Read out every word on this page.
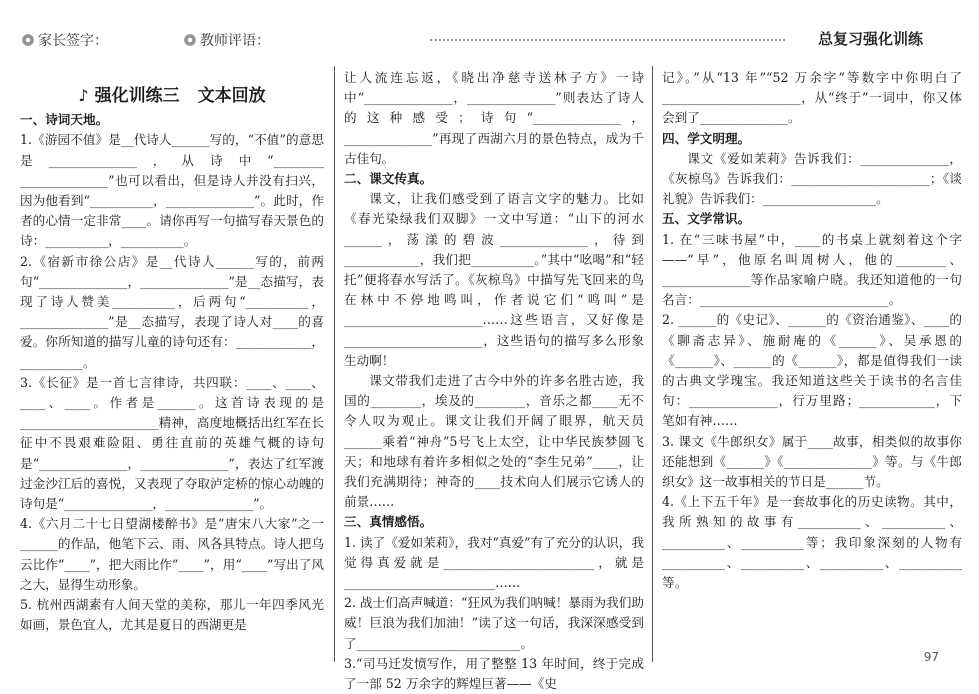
家长签字：	教师评语：	总复习强化训练
♪ 强化训练三 文本回放

一、诗词天地。

1.《游园不值》是__代诗人______写的，“不值”的意思是______________，从诗中“________ ______________”也可以看出，但是诗人并没有扫兴，因为他看到“__________，______________”。此时，作者的心情一定非常____。请你再写一句描写春天景色的诗：__________，__________。

2.《宿新市徐公店》是__代诗人______写的，前两句“______________，______________”是__态描写，表现了诗人赞美__________，后两句“__________，______________”是__态描写，表现了诗人对____的喜爱。你所知道的描写儿童的诗句还有：____________，__________。

3.《长征》是一首七言律诗，共四联：____、____、____、____。作者是______。这首诗表现的是______________________精神，高度地概括出红军在长征中不畏艰难险阻、勇往直前的英雄气概的诗句是“______________，______________”，表达了红军渡过金沙江后的喜悦，又表现了夺取泸定桥的惊心动魄的诗句是“______________，______________”。

4.《六月二十七日望湖楼醉书》是“唐宋八大家”之一______的作品，他笔下云、雨、风各具特点。诗人把乌云比作“____”，把大雨比作“____”，用“____”写出了风之大，显得生动形象。

5. 杭州西湖素有人间天堂的美称，那儿一年四季风光如画，景色宜人，尤其是夏日的西湖更是

让人流连忘返，《晓出净慈寺送林子方》一诗中“______________，______________”则表达了诗人的这种感受；诗句“______________，______________”再现了西湖六月的景色特点，成为千古佳句。

二、课文传真。

课文，让我们感受到了语言文字的魅力。比如《春光染绿我们双脚》一文中写道：“山下的河水______，荡漾的碧波______________，待到____________，我们把__________。”其中“吆喝”和“轻托”便将春水写活了。《灰椋鸟》中描写先飞回来的鸟在林中不停地鸣叫，作者说它们“鸣叫”是______________________……这些语言，又好像是______________________，这些语句的描写多么形象生动啊！

课文带我们走进了古今中外的许多名胜古迹，我国的________，埃及的________，音乐之都____无不令人叹为观止。课文让我们开阔了眼界，航天员______乘着“神舟”5号飞上太空，让中华民族梦圆飞天；和地球有着许多相似之处的“李生兄弟”____，让我们充满期待；神奇的____技术向人们展示它诱人的前景……

三、真情感悟。

1. 读了《爱如茉莉》，我对“真爱”有了充分的认识，我觉得真爱就是________________________，就是________________________……

2. 战士们高声喊道：“狂风为我们呐喊！暴雨为我们助威！巨浪为我们加油！”读了这一句话，我深深感受到了__________________________。

3.“司马迁发愤写作，用了整整 13 年时间，终于完成了一部 52 万余字的辉煌巨著——《史

记》。”从“13 年”“52 万余字”等数字中你明白了______________________，从“终于”一词中，你又体会到了______________。

四、学文明理。

课文《爱如茉莉》告诉我们：______________，《灰椋鸟》告诉我们：______________________；《谈礼貌》告诉我们：__________________。

五、文学常识。

1. 在“三味书屋”中，____的书桌上就刻着这个字——“早”，他原名叫周树人，他的________、______________等作品家喻户晓。我还知道他的一句名言：______________________________。

2. ______的《史记》、______的《资治通鉴》、____的《聊斋志异》、施耐庵的《______》、吴承恩的《______》、______的《______》，都是值得我们一读的古典文学瑰宝。我还知道这些关于读书的名言佳句：______________，行万里路；____________，下笔如有神……

3. 课文《牛郎织女》属于____故事，相类似的故事你还能想到《______》《______________》等。与《牛郎织女》这一故事相关的节日是______节。

4.《上下五千年》是一套故事化的历史读物。其中，我所熟知的故事有__________、__________、__________、__________等；我印象深刻的人物有__________、__________、__________、__________等。

97
